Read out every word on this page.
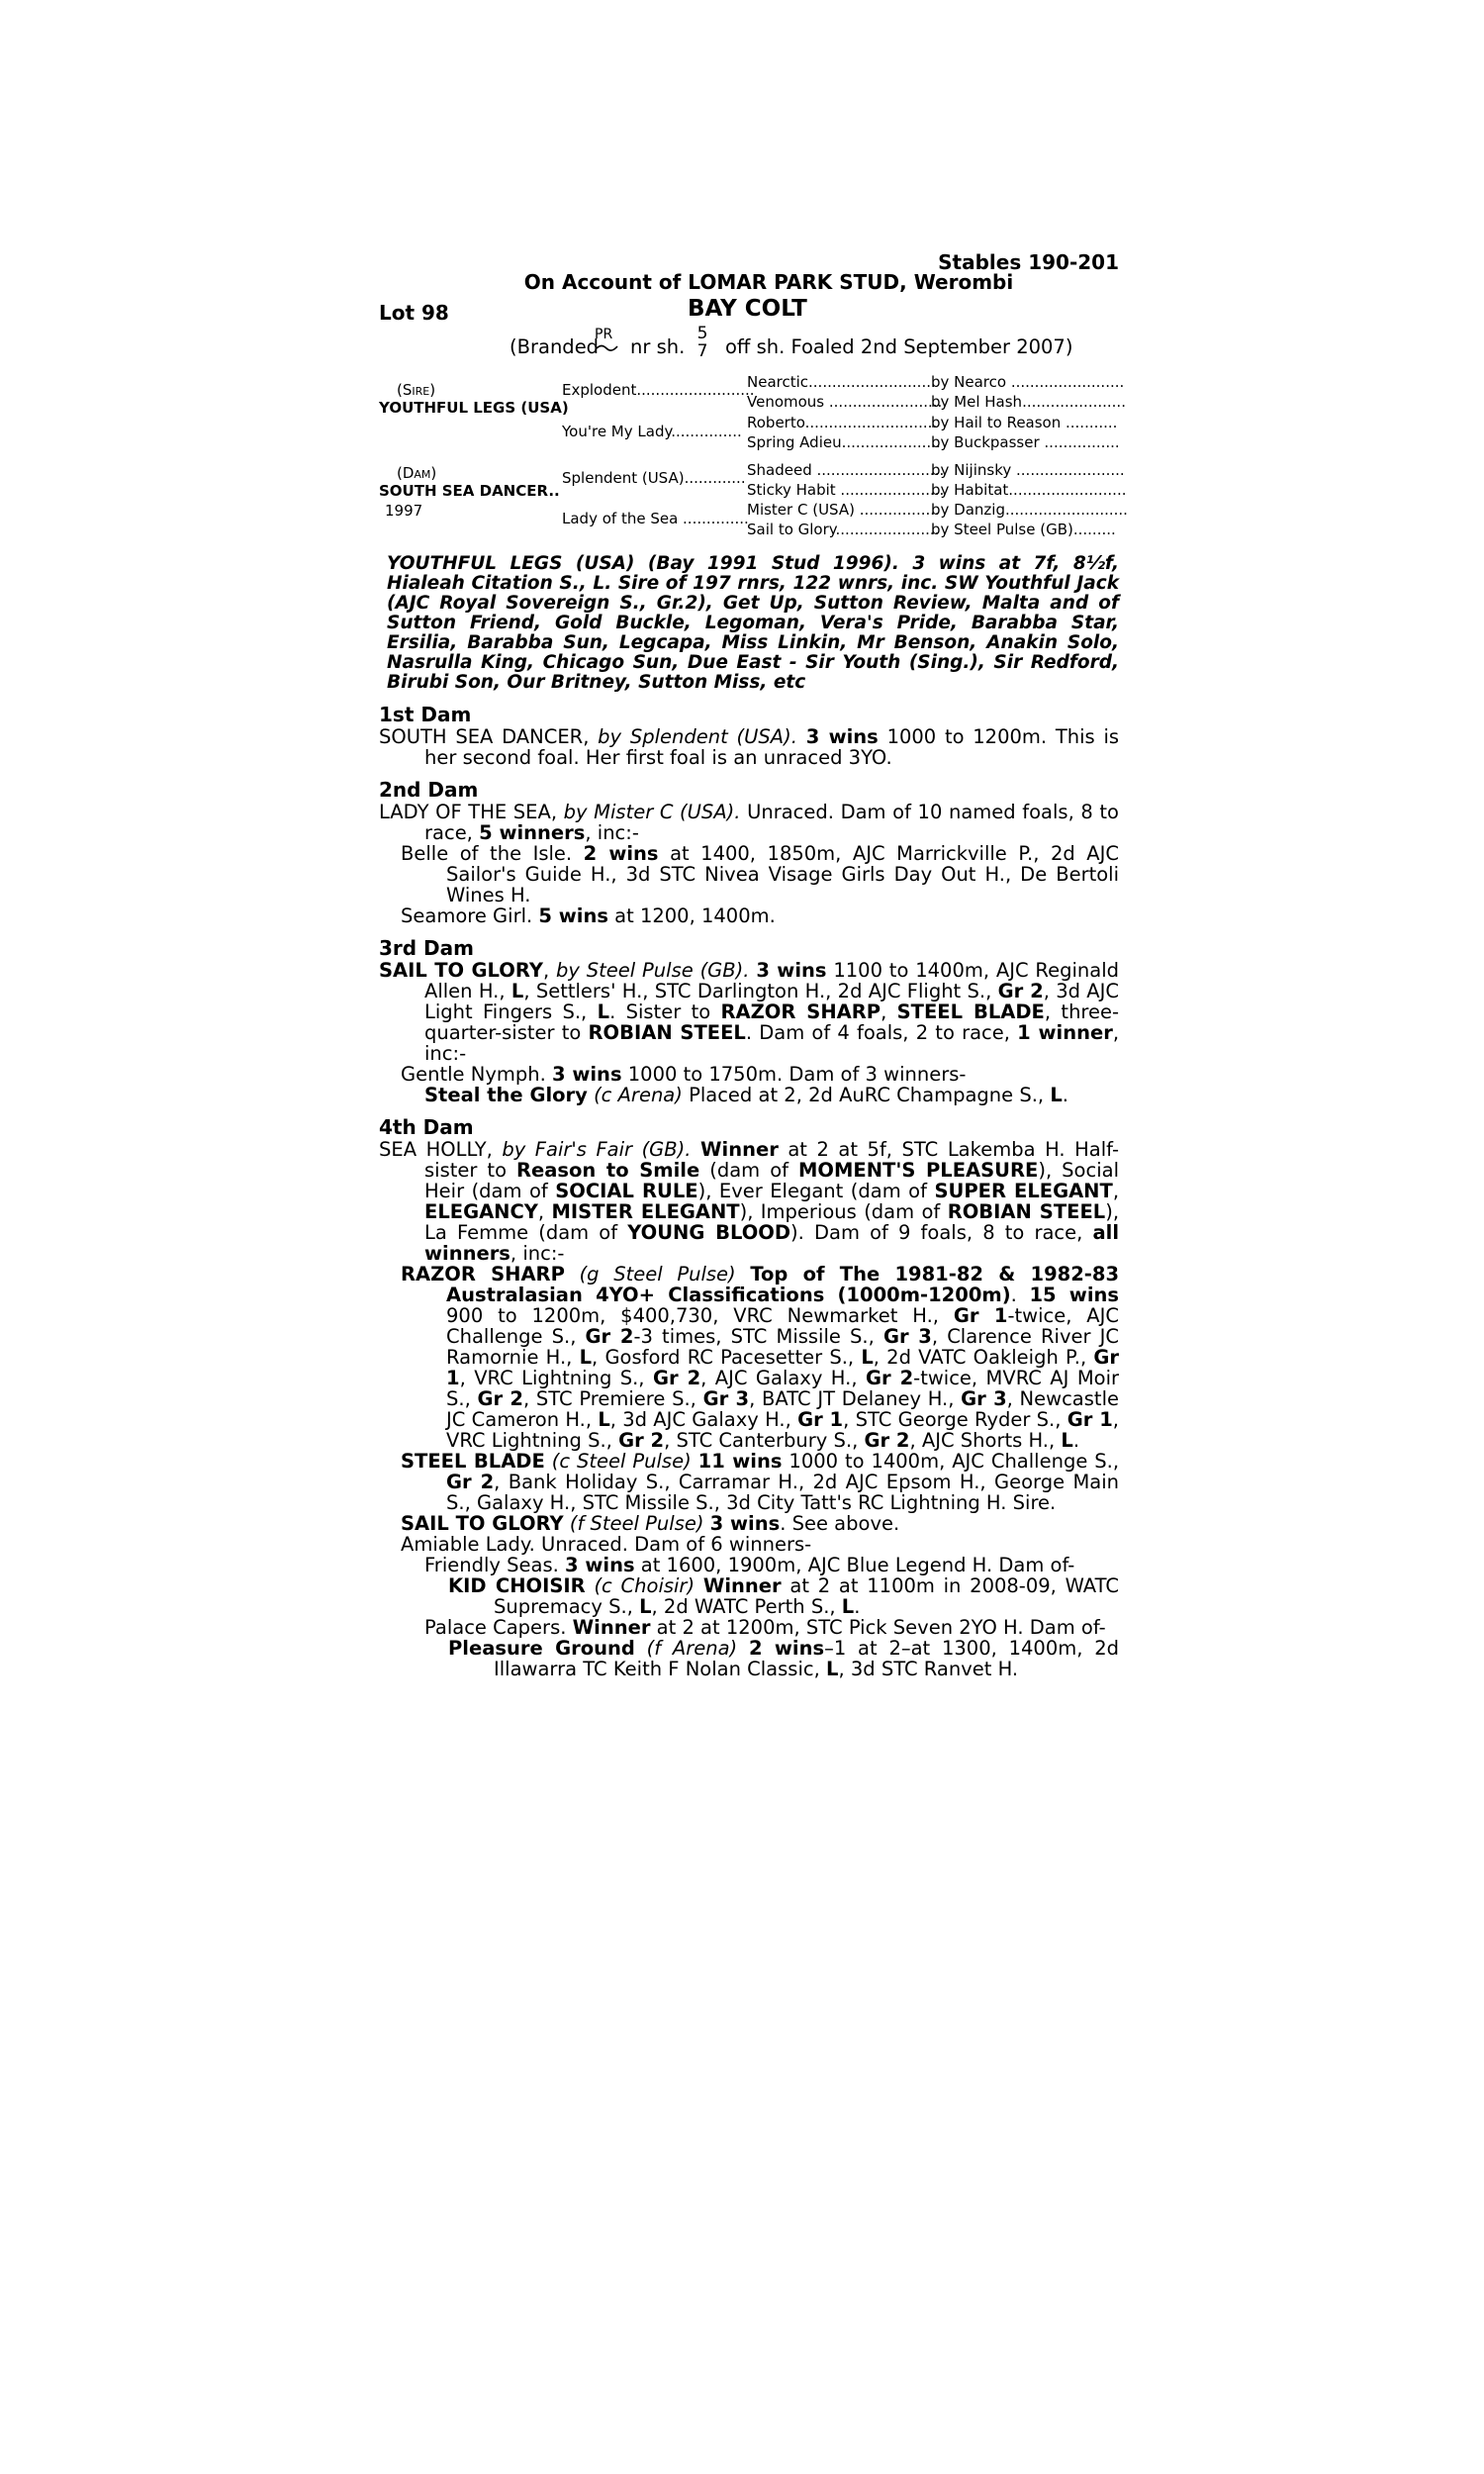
Stables 190-201
On Account of LOMAR PARK STUD, Werombi
Lot 98	BAY COLT
(Branded
PR
nr sh.
5
7 off sh. Foaled 2nd September 2007)
(Sire)
YOUTHFUL LEGS (USA)
(Dam)
SOUTH SEA DANCER..
1997
Explodent.........................
You're My Lady...............
Splendent (USA).............
Lady of the Sea ..............
Nearctic...........................
Venomous ........................
Roberto............................
Spring Adieu.....................
Shadeed ...........................
Sticky Habit ......................
Mister C (USA) .................
Sail to Glory......................
by Nearco ........................
by Mel Hash......................
by Hail to Reason ...........
by Buckpasser ................
by Nijinsky .......................
by Habitat.........................
by Danzig..........................
by Steel Pulse (GB).........

YOUTHFUL LEGS (USA) (Bay 1991 Stud 1996). 3 wins at 7f, 8½f, Hialeah Citation S., L. Sire of 197 rnrs, 122 wnrs, inc. SW Youthful Jack (AJC Royal Sovereign S., Gr.2), Get Up, Sutton Review, Malta and of Sutton Friend, Gold Buckle, Legoman, Vera's Pride, Barabba Star, Ersilia, Barabba Sun, Legcapa, Miss Linkin, Mr Benson, Anakin Solo, Nasrulla King, Chicago Sun, Due East - Sir Youth (Sing.), Sir Redford, Birubi Son, Our Britney, Sutton Miss, etc

1st Dam

SOUTH SEA DANCER, by Splendent (USA). 3 wins 1000 to 1200m. This is her second foal. Her first foal is an unraced 3YO.

2nd Dam

LADY OF THE SEA, by Mister C (USA). Unraced. Dam of 10 named foals, 8 to race, 5 winners, inc:-

Belle of the Isle. 2 wins at 1400, 1850m, AJC Marrickville P., 2d AJC Sailor's Guide H., 3d STC Nivea Visage Girls Day Out H., De Bertoli Wines H.

Seamore Girl. 5 wins at 1200, 1400m.

3rd Dam

SAIL TO GLORY, by Steel Pulse (GB). 3 wins 1100 to 1400m, AJC Reginald Allen H., L, Settlers' H., STC Darlington H., 2d AJC Flight S., Gr 2, 3d AJC Light Fingers S., L. Sister to RAZOR SHARP, STEEL BLADE, three-quarter-sister to ROBIAN STEEL. Dam of 4 foals, 2 to race, 1 winner, inc:-

Gentle Nymph. 3 wins 1000 to 1750m. Dam of 3 winners-

Steal the Glory (c Arena) Placed at 2, 2d AuRC Champagne S., L.

4th Dam

SEA HOLLY, by Fair's Fair (GB). Winner at 2 at 5f, STC Lakemba H. Half-sister to Reason to Smile (dam of MOMENT'S PLEASURE), Social Heir (dam of SOCIAL RULE), Ever Elegant (dam of SUPER ELEGANT, ELEGANCY, MISTER ELEGANT), Imperious (dam of ROBIAN STEEL), La Femme (dam of YOUNG BLOOD). Dam of 9 foals, 8 to race, all winners, inc:-

RAZOR SHARP (g Steel Pulse) Top of The 1981-82 & 1982-83 Australasian 4YO+ Classifications (1000m-1200m). 15 wins 900 to 1200m, $400,730, VRC Newmarket H., Gr 1-twice, AJC Challenge S., Gr 2-3 times, STC Missile S., Gr 3, Clarence River JC Ramornie H., L, Gosford RC Pacesetter S., L, 2d VATC Oakleigh P., Gr 1, VRC Lightning S., Gr 2, AJC Galaxy H., Gr 2-twice, MVRC AJ Moir S., Gr 2, STC Premiere S., Gr 3, BATC JT Delaney H., Gr 3, Newcastle JC Cameron H., L, 3d AJC Galaxy H., Gr 1, STC George Ryder S., Gr 1, VRC Lightning S., Gr 2, STC Canterbury S., Gr 2, AJC Shorts H., L.

STEEL BLADE (c Steel Pulse) 11 wins 1000 to 1400m, AJC Challenge S., Gr 2, Bank Holiday S., Carramar H., 2d AJC Epsom H., George Main S., Galaxy H., STC Missile S., 3d City Tatt's RC Lightning H. Sire.

SAIL TO GLORY (f Steel Pulse) 3 wins. See above.

Amiable Lady. Unraced. Dam of 6 winners-

Friendly Seas. 3 wins at 1600, 1900m, AJC Blue Legend H. Dam of-

KID CHOISIR (c Choisir) Winner at 2 at 1100m in 2008-09, WATC Supremacy S., L, 2d WATC Perth S., L.

Palace Capers. Winner at 2 at 1200m, STC Pick Seven 2YO H. Dam of-

Pleasure Ground (f Arena) 2 wins–1 at 2–at 1300, 1400m, 2d Illawarra TC Keith F Nolan Classic, L, 3d STC Ranvet H.
